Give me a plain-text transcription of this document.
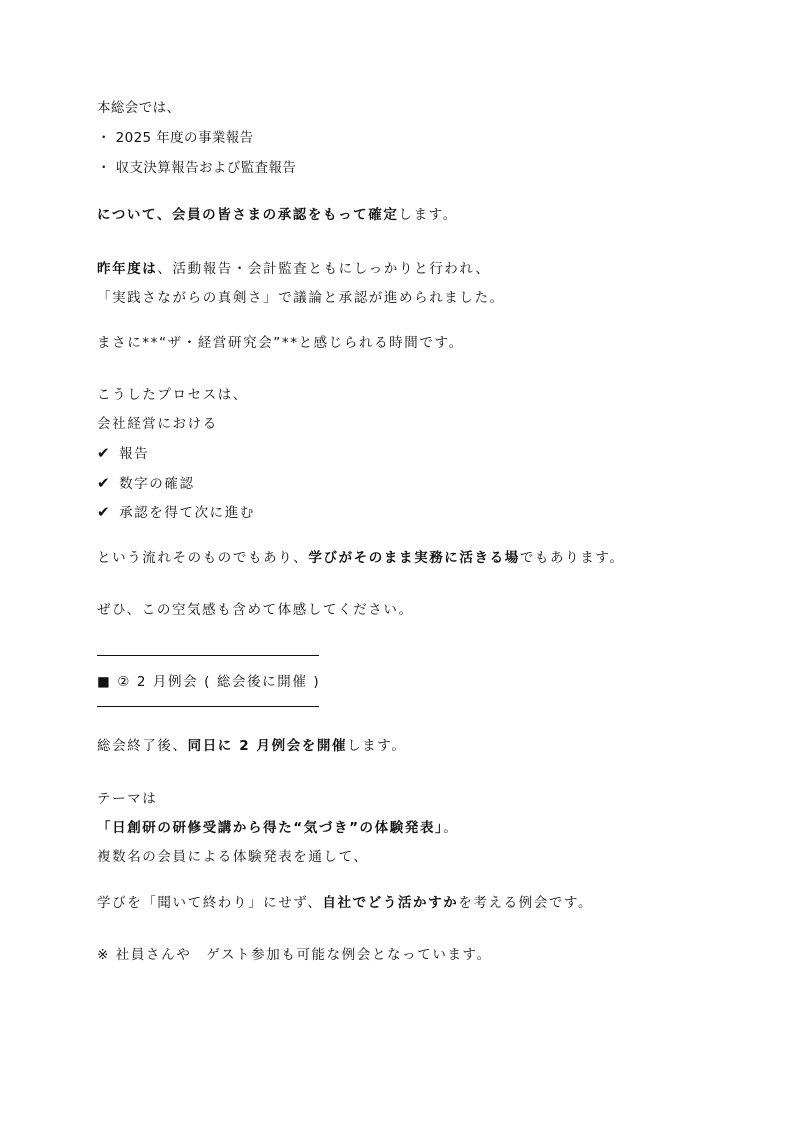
本総会では、
・ 2025 年度の事業報告
・ 収支決算報告および監査報告
について、会員の皆さまの承認をもって確定します。
昨年度は、活動報告・会計監査ともにしっかりと行われ、
「実践さながらの真剣さ」で議論と承認が進められました。
まさに**“ザ・経営研究会”**と感じられる時間です。
こうしたプロセスは、
会社経営における
✔ 報告
✔ 数字の確認
✔ 承認を得て次に進む
という流れそのものでもあり、学びがそのまま実務に活きる場でもあります。
ぜひ、この空気感も含めて体感してください。
■ ② 2 月例会 ( 総会後に開催 )
総会終了後、同日に 2 月例会を開催します。
テーマは
「日創研の研修受講から得た“気づき”の体験発表」。
複数名の会員による体験発表を通して、
学びを「聞いて終わり」にせず、自社でどう活かすかを考える例会です。
※ 社員さんや　ゲスト参加も可能な例会となっています。
